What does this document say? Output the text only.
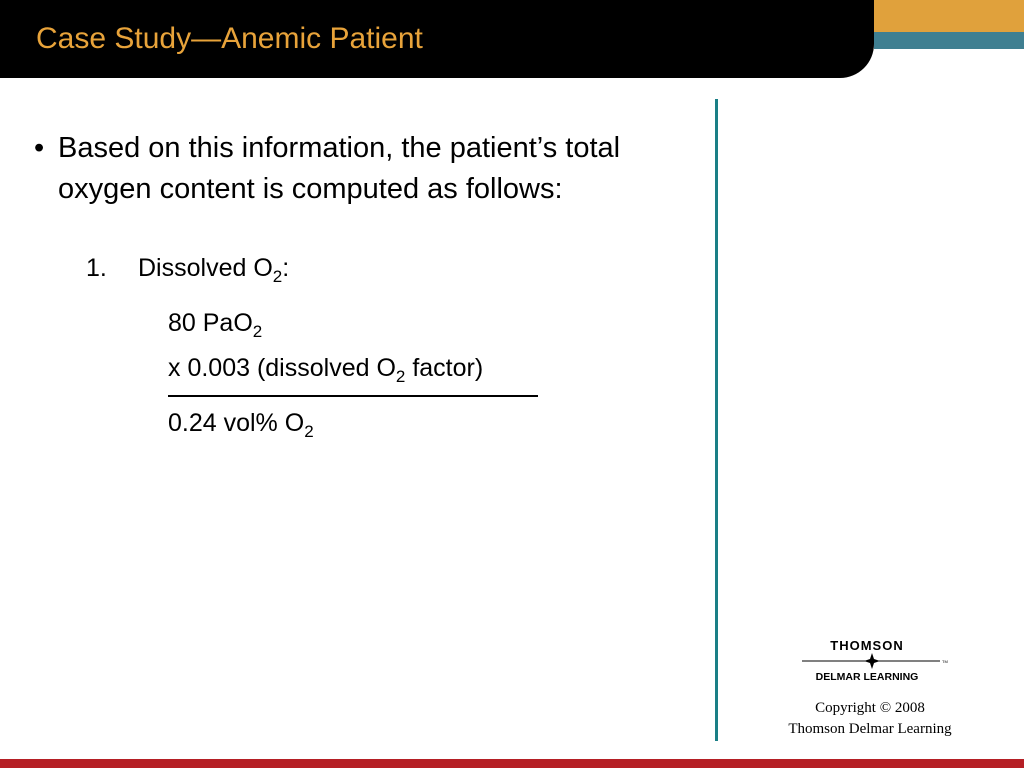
Case Study—Anemic Patient
• Based on this information, the patient’s total oxygen content is computed as follows:
1. Dissolved $O_2$:
80 PaO$_2$
x 0.003 (dissolved $O_2$ factor)
0.24 vol% $O_2$
THOMSON
TM
DELMAR LEARNING
Copyright © 2008
Thomson Delmar Learning
